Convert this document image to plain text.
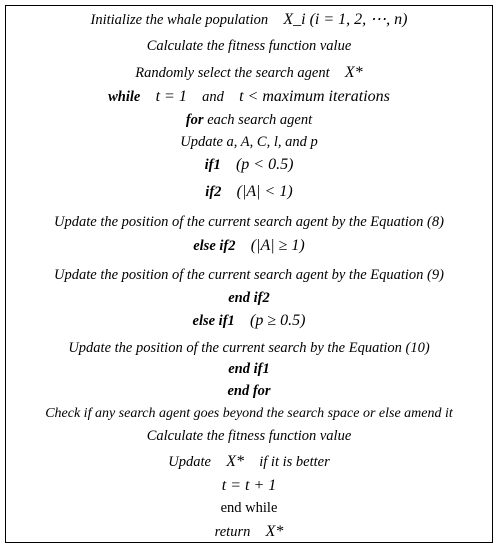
Initialize the whale population X_i (i = 1, 2, ⋯, n)
Calculate the fitness function value
Randomly select the search agent X*
while t = 1 and t < maximum iterations
for each search agent
Update a, A, C, l, and p
if1 (p < 0.5)
if2 (|A| < 1)
Update the position of the current search agent by the Equation (8)
else if2 (|A| ≥ 1)
Update the position of the current search agent by the Equation (9)
end if2
else if1 (p ≥ 0.5)
Update the position of the current search by the Equation (10)
end if1
end for
Check if any search agent goes beyond the search space or else amend it
Calculate the fitness function value
Update X* if it is better
t = t + 1
end while
return X*
